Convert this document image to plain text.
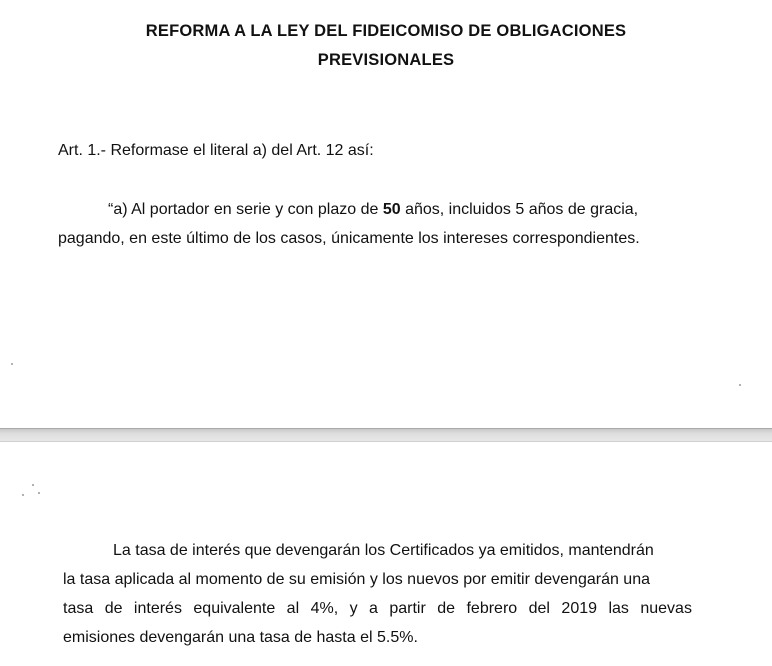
REFORMA A LA LEY DEL FIDEICOMISO DE OBLIGACIONES
PREVISIONALES
Art. 1.- Reformase el literal a) del Art. 12 así:
“a) Al portador en serie y con plazo de 50 años, incluidos 5 años de gracia,
pagando, en este último de los casos, únicamente los intereses correspondientes.
La tasa de interés que devengarán los Certificados ya emitidos, mantendrán
la tasa aplicada al momento de su emisión y los nuevos por emitir devengarán una
tasa de interés equivalente al 4%, y a partir de febrero del 2019 las nuevas
emisiones devengarán una tasa de hasta el 5.5%.
